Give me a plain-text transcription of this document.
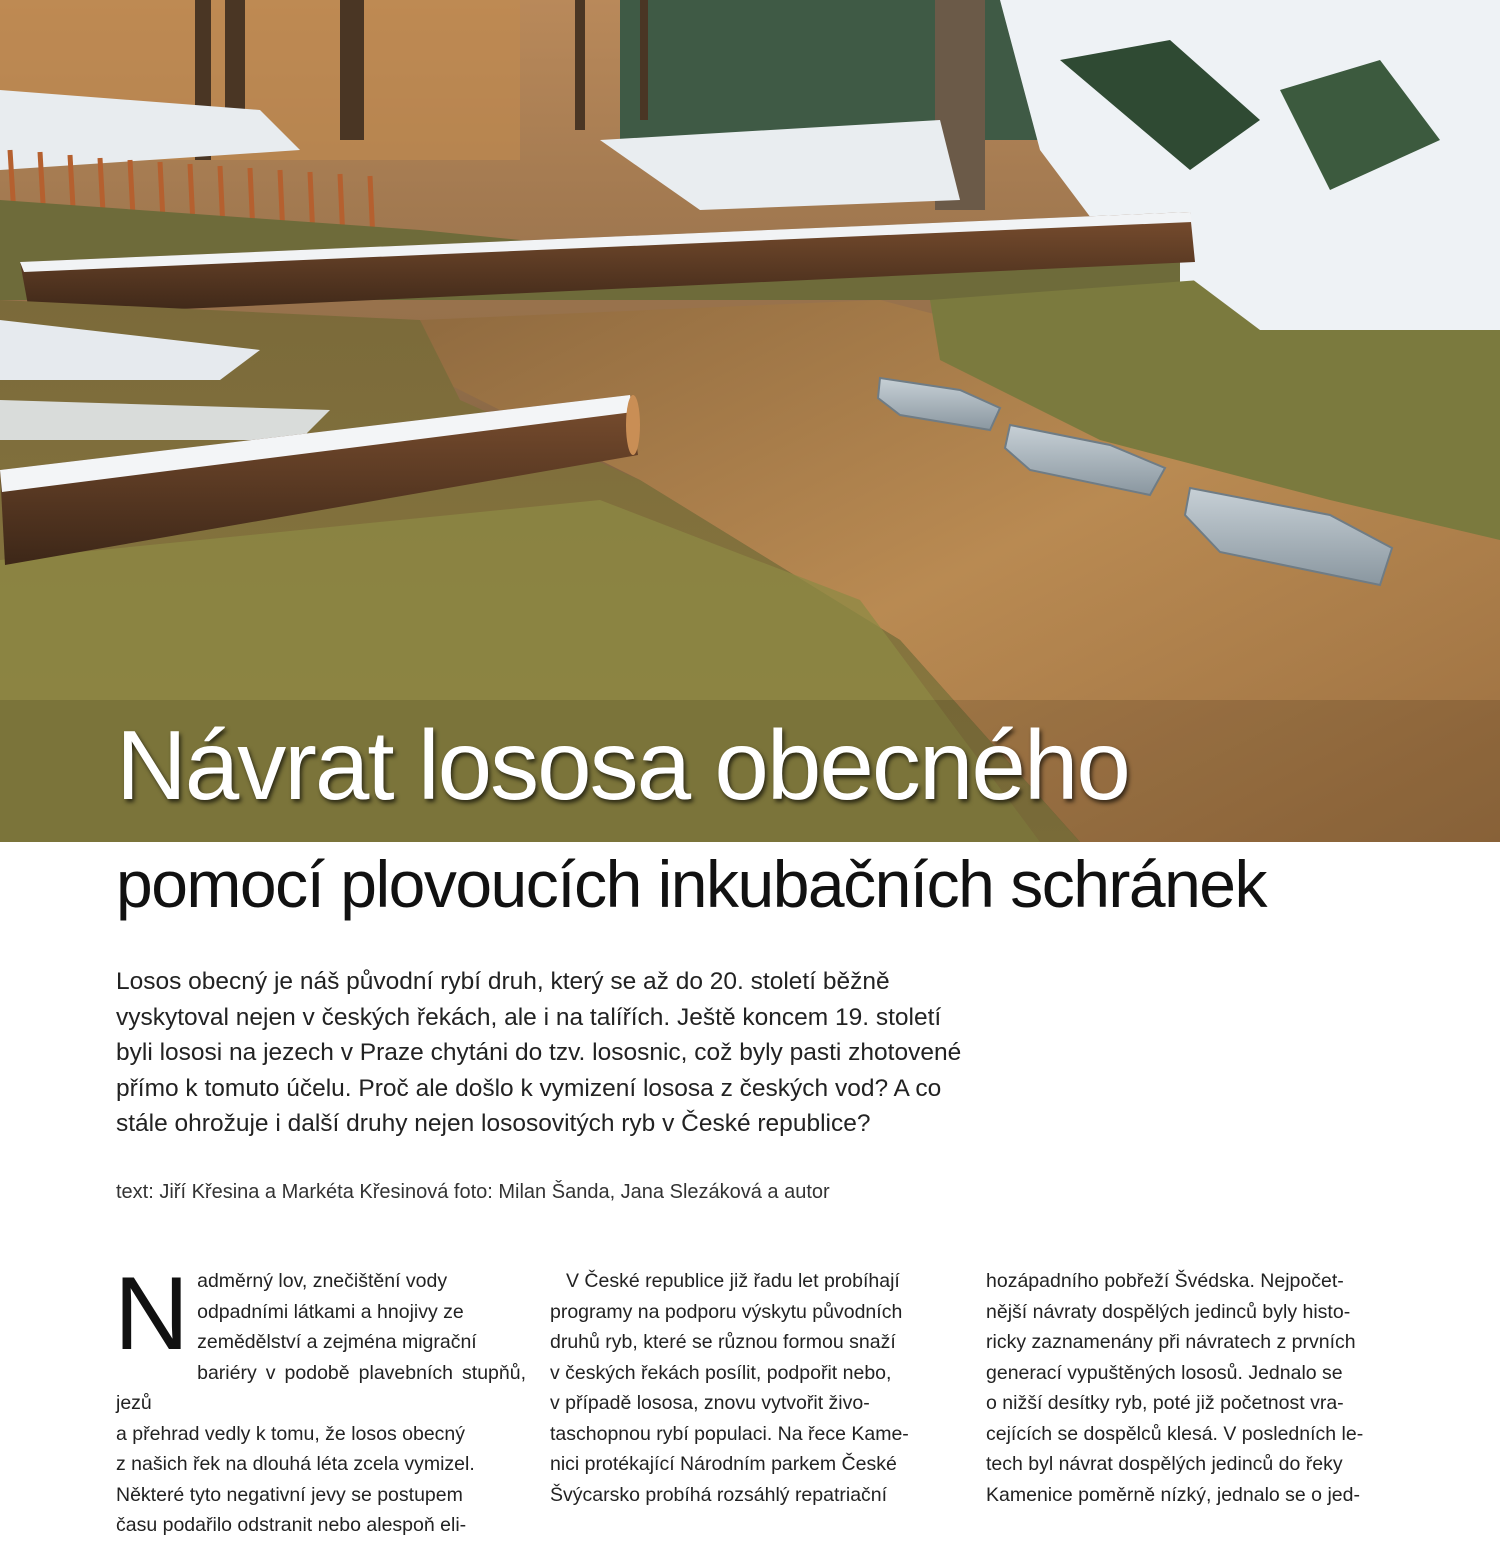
Návrat lososa obecného
pomocí plovoucích inkubačních schránek

Losos obecný je náš původní rybí druh, který se až do 20. století běžně

vyskytoval nejen v českých řekách, ale i na talířích. Ještě koncem 19. století

byli lososi na jezech v Praze chytáni do tzv. lososnic, což byly pasti zhotovené

přímo k tomuto účelu. Proč ale došlo k vymizení lososa z českých vod? A co

stále ohrožuje i další druhy nejen lososovitých ryb v České republice?

text: Jiří Křesina a Markéta Křesinová foto: Milan Šanda, Jana Slezáková a autor
N adměrný lov, znečištění vody

odpadními látkami a hnojivy ze

zemědělství a zejména migrační

bariéry v podobě plavebních stupňů, jezů

a přehrad vedly k tomu, že losos obecný

z našich řek na dlouhá léta zcela vymizel.

Některé tyto negativní jevy se postupem

času podařilo odstranit nebo alespoň eli-

V České republice již řadu let probíhají

programy na podporu výskytu původních

druhů ryb, které se různou formou snaží

v českých řekách posílit, podpořit nebo,

v případě lososa, znovu vytvořit živo-

taschopnou rybí populaci. Na řece Kame-

nici protékající Národním parkem České

Švýcarsko probíhá rozsáhlý repatriační

hozápadního pobřeží Švédska. Nejpočet-

nější návraty dospělých jedinců byly histo-

ricky zaznamenány při návratech z prvních

generací vypuštěných lososů. Jednalo se

o nižší desítky ryb, poté již početnost vra-

cejících se dospělců klesá. V posledních le-

tech byl návrat dospělých jedinců do řeky

Kamenice poměrně nízký, jednalo se o jed-
